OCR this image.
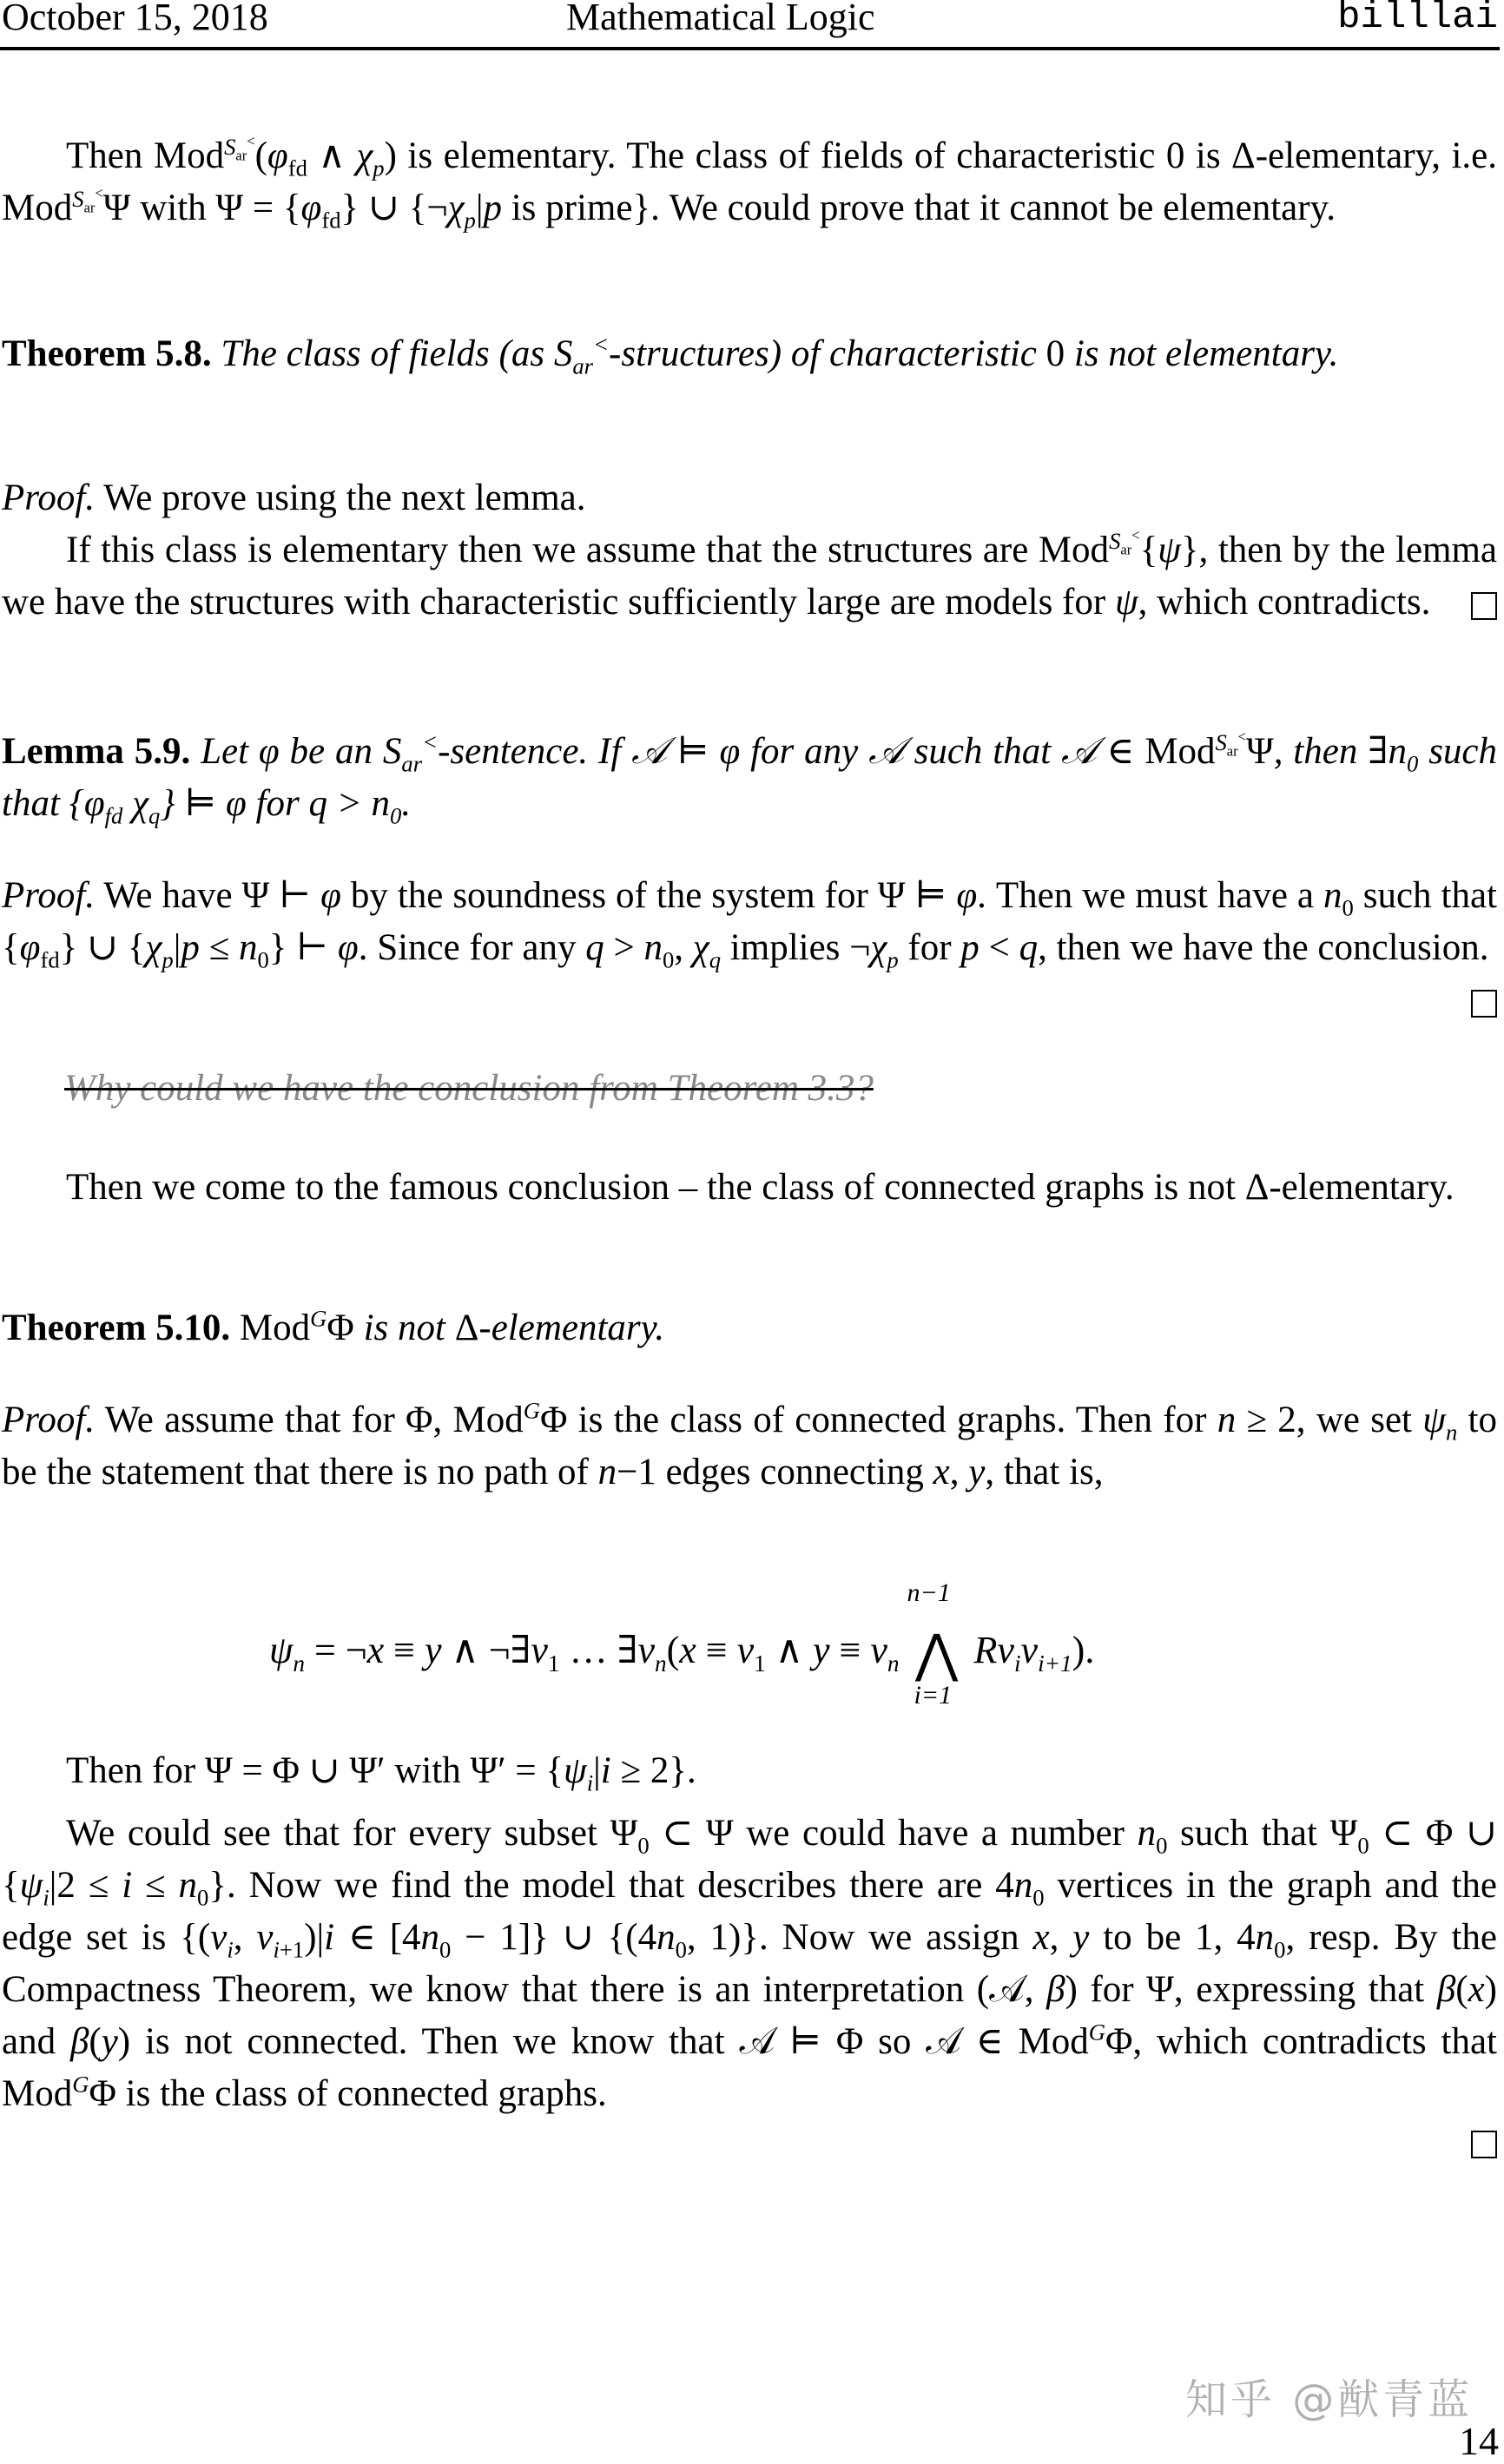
October 15, 2018	Mathematical Logic	billlai

Then $Mod^{S_{ar}^<}(\varphi_{fd}$ ∧ $\chi_p$) is elementary. The class of fields of characteristic 0 is Δ-elementary, i.e. Mod$^{S_{ar}^<}$Ψ with $\Psi = \{\varphi_{fd}\}$ ∪ {$\neg\chi_p|p$ is prime}. We could prove that it cannot be elementary.

Theorem 5.8. The class of fields (as $S_{ar}^<-structures$) of characteristic 0 is not elementary.

Proof. We prove using the next lemma.

If this class is elementary then we assume that the structures are Mod$^{S_{ar}^<}${ψ}, then by the lemma we have the structures with characteristic sufficiently large are models for ψ, which contradicts.

Lemma 5.9. Let φ be an $S_{ar}^<$-sentence. If 𝒜 ⊨ φ for any 𝒜 such that 𝒜 ∈ Mod$^{S_{ar}^<}$Ψ, then $\exists n_0$ such that {$\varphi_{fd}$ $\chi_q$} ⊨ φ for $q > n_0$.

Proof. We have Ψ ⊢ φ by the soundness of the system for Ψ ⊨ φ. Then we must have a $n_0$ such that $\{\varphi_{fd}\}$ ∪ $\{\chi_p|p \le n_0\}$ ⊢ φ. Since for any $q > n_0$, $\chi_q$ implies $\neg\chi_p$ for p < q, then we have the conclusion.

Why could we have the conclusion from Theorem 3.3?

Then we come to the famous conclusion – the class of connected graphs is not Δ-elementary.

Theorem 5.10. Mod$^G$Φ is not Δ-elementary.

Proof. We assume that for Φ, Mod$^G$Φ is the class of connected graphs. Then for n ≥ 2, we set $\psi_n$ to be the statement that there is no path of n−1 edges connecting x, y, that is,

$\psi_n$ = ¬x ≡ y ∧ $\neg\exists v_1$ … $\exists v_n(x \equiv v_1$ ∧ $y \equiv v_n$ ⋀
n−1
i=1
$Rv_iv_{i+1}$).

Then for Ψ = Φ ∪ Ψ′ with $\Psi' = \{\psi_i|i \ge 2\}$.

We could see that for every subset $\Psi_0$ ⊂ Ψ we could have a number $n_0$ such that $\Psi_0$ ⊂ Φ ∪ $\{\psi_i|2 \le i \le n_0\}$. Now we find the model that describes there are $4n_0$ vertices in the graph and the edge set is {($v_i$, $v_{i+1})|i$ ∈ $[4n_0 - 1]$} ∪ {($4n_0$, 1)}. Now we assign x, y to be 1, $4n_0$, resp. By the Compactness Theorem, we know that there is an interpretation (𝒜, β) for Ψ, expressing that β(x) and β(y) is not connected. Then we know that 𝒜 ⊨ Φ so 𝒜 ∈ Mod$^G$Φ, which contradicts that Mod$^G$Φ is the class of connected graphs.

知乎 @猷青蓝
14
